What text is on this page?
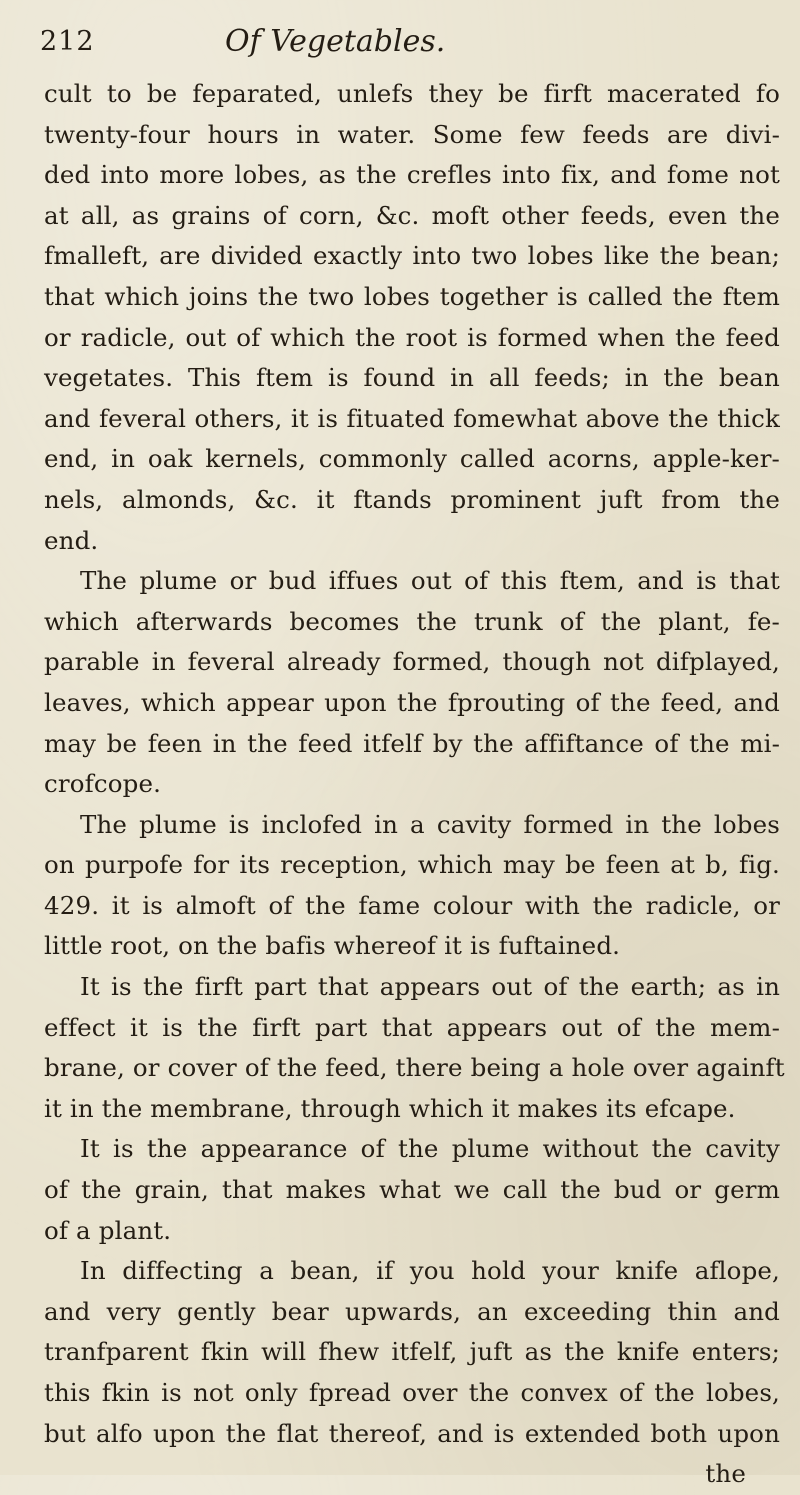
212	Of Vegetables.
cult to be feparated, unlefs they be firft macerated fo
twenty-four hours in water. Some few feeds are divi-
ded into more lobes, as the crefles into fix, and fome not
at all, as grains of corn, &c. moft other feeds, even the
fmalleft, are divided exactly into two lobes like the bean;
that which joins the two lobes together is called the ftem
or radicle, out of which the root is formed when the feed
vegetates. This ftem is found in all feeds; in the bean
and feveral others, it is fituated fomewhat above the thick
end, in oak kernels, commonly called acorns, apple-ker-
nels, almonds, &c. it ftands prominent juft from the
end.
The plume or bud iffues out of this ftem, and is that
which afterwards becomes the trunk of the plant, fe-
parable in feveral already formed, though not difplayed,
leaves, which appear upon the fprouting of the feed, and
may be feen in the feed itfelf by the affiftance of the mi-
crofcope.
The plume is inclofed in a cavity formed in the lobes
on purpofe for its reception, which may be feen at b, fig.
429. it is almoft of the fame colour with the radicle, or
little root, on the bafis whereof it is fuftained.
It is the firft part that appears out of the earth; as in
effect it is the firft part that appears out of the mem-
brane, or cover of the feed, there being a hole over againft
it in the membrane, through which it makes its efcape.
It is the appearance of the plume without the cavity
of the grain, that makes what we call the bud or germ
of a plant.
In diffecting a bean, if you hold your knife aflope,
and very gently bear upwards, an exceeding thin and
tranfparent fkin will fhew itfelf, juft as the knife enters;
this fkin is not only fpread over the convex of the lobes,
but alfo upon the flat thereof, and is extended both upon
the
